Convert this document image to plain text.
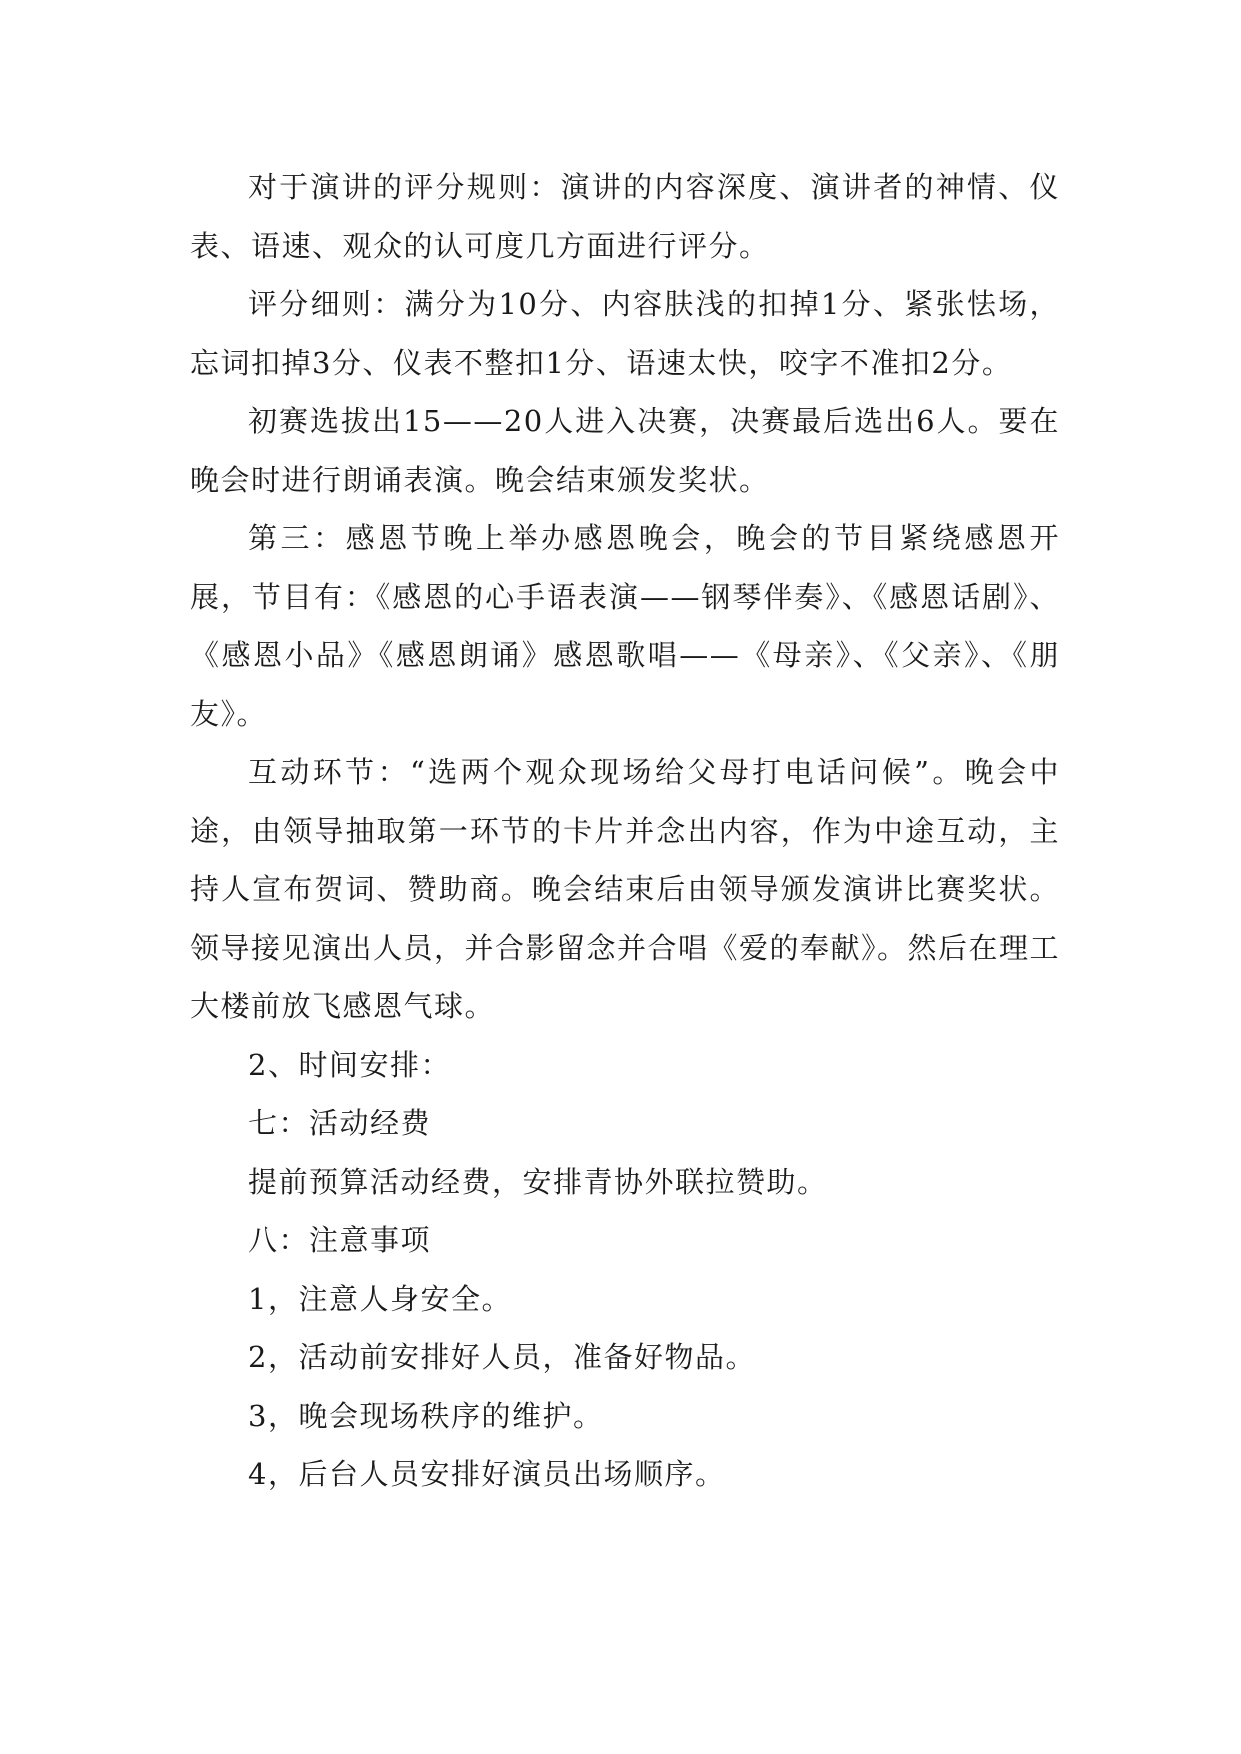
对于演讲的评分规则：演讲的内容深度、演讲者的神情、仪表、语速、观众的认可度几方面进行评分。

评分细则：满分为10分、内容肤浅的扣掉1分、紧张怯场，忘词扣掉3分、仪表不整扣1分、语速太快，咬字不准扣2分。

初赛选拔出15——20人进入决赛，决赛最后选出6人。要在晚会时进行朗诵表演。晚会结束颁发奖状。

第三：感恩节晚上举办感恩晚会，晚会的节目紧绕感恩开展，节目有：《感恩的心手语表演——钢琴伴奏》、《感恩话剧》、《感恩小品》《感恩朗诵》感恩歌唱——《母亲》、《父亲》、《朋友》。

互动环节：“选两个观众现场给父母打电话问候”。晚会中途，由领导抽取第一环节的卡片并念出内容，作为中途互动，主持人宣布贺词、赞助商。晚会结束后由领导颁发演讲比赛奖状。领导接见演出人员，并合影留念并合唱《爱的奉献》。然后在理工大楼前放飞感恩气球。

2、时间安排：

七：活动经费

提前预算活动经费，安排青协外联拉赞助。

八：注意事项

1，注意人身安全。

2，活动前安排好人员，准备好物品。

3，晚会现场秩序的维护。

4，后台人员安排好演员出场顺序。
